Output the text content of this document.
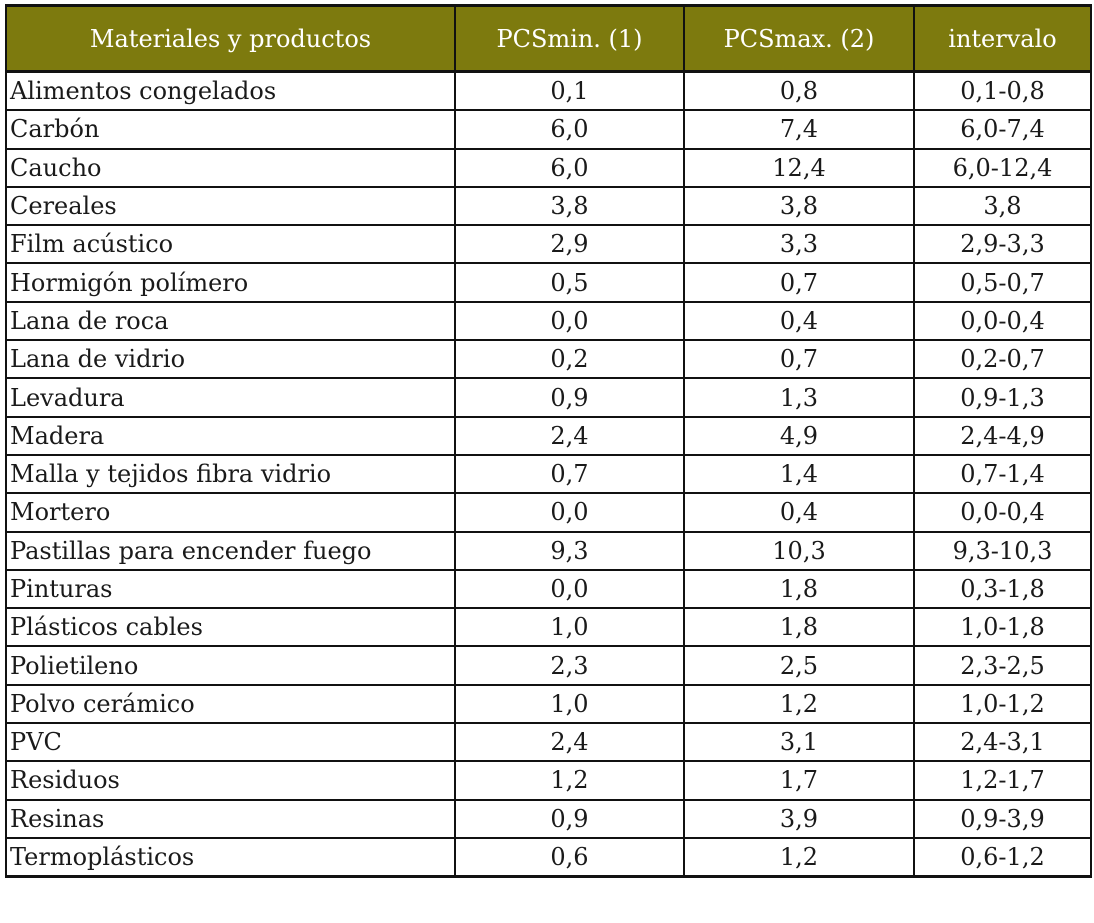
Materiales y productos	PCSmin. (1)	PCSmax. (2)	intervalo
Alimentos congelados	0,1	0,8	0,1-0,8
Carbón	6,0	7,4	6,0-7,4
Caucho	6,0	12,4	6,0-12,4
Cereales	3,8	3,8	3,8
Film acústico	2,9	3,3	2,9-3,3
Hormigón polímero	0,5	0,7	0,5-0,7
Lana de roca	0,0	0,4	0,0-0,4
Lana de vidrio	0,2	0,7	0,2-0,7
Levadura	0,9	1,3	0,9-1,3
Madera	2,4	4,9	2,4-4,9
Malla y tejidos fibra vidrio	0,7	1,4	0,7-1,4
Mortero	0,0	0,4	0,0-0,4
Pastillas para encender fuego	9,3	10,3	9,3-10,3
Pinturas	0,0	1,8	0,3-1,8
Plásticos cables	1,0	1,8	1,0-1,8
Polietileno	2,3	2,5	2,3-2,5
Polvo cerámico	1,0	1,2	1,0-1,2
PVC	2,4	3,1	2,4-3,1
Residuos	1,2	1,7	1,2-1,7
Resinas	0,9	3,9	0,9-3,9
Termoplásticos	0,6	1,2	0,6-1,2
